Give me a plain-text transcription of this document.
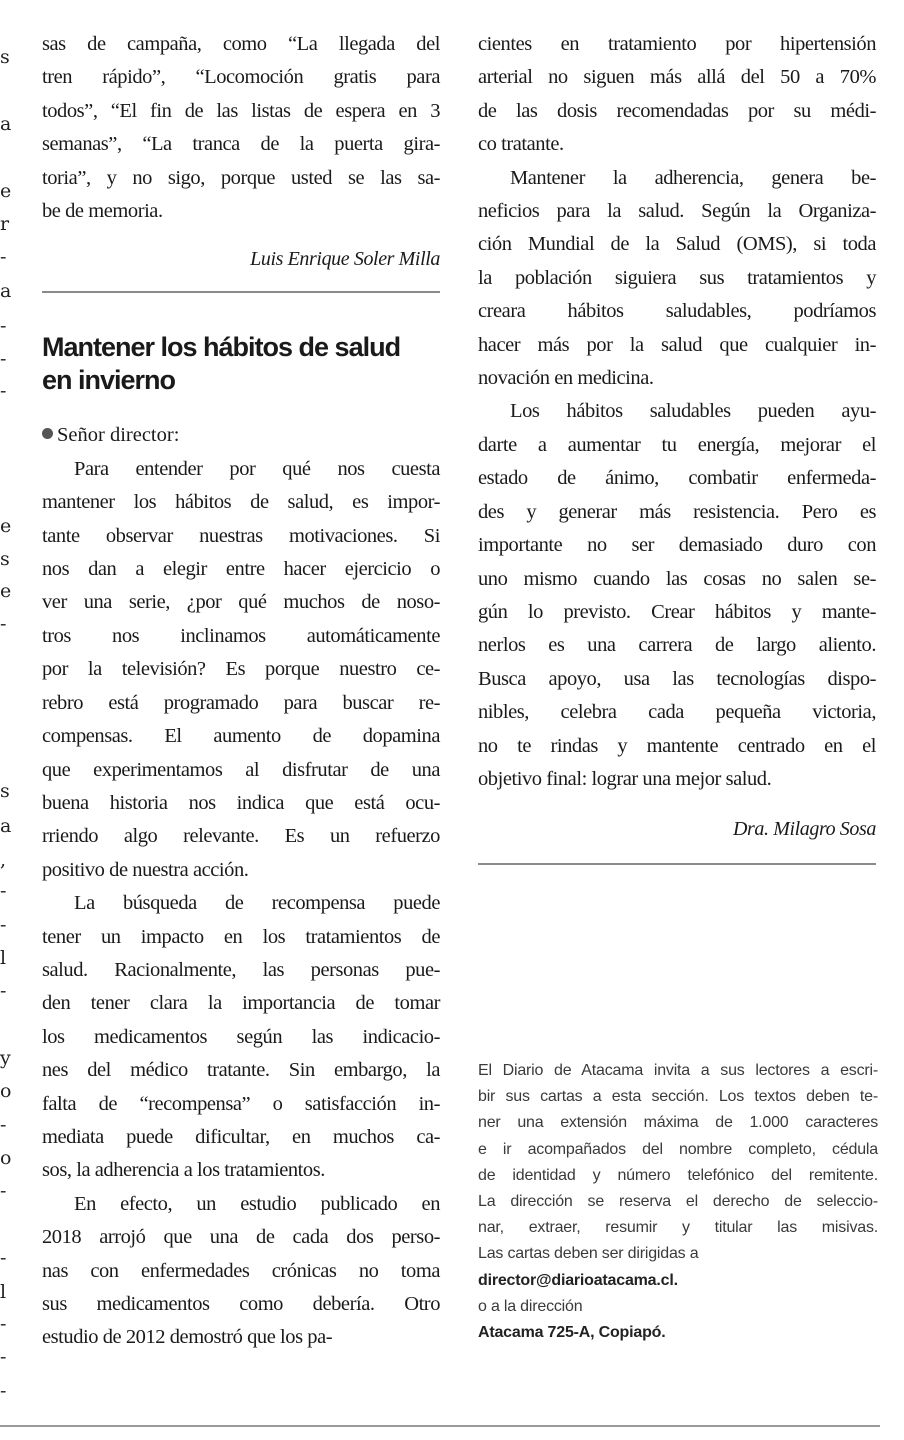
s
a
e
r
-
a
-
-
-
e
s
e
-
s
a
,
-
-
l
-
y
o
-
o
-
-
l
-
-
-
sas de campaña, como “La llegada del
tren rápido”, “Locomoción gratis para
todos”, “El fin de las listas de espera en 3
semanas”, “La tranca de la puerta gira-
toria”, y no sigo, porque usted se las sa-
be de memoria.
Luis Enrique Soler Milla
Mantener los hábitos de salud
en invierno
Señor director:
Para entender por qué nos cuesta
mantener los hábitos de salud, es impor-
tante observar nuestras motivaciones. Si
nos dan a elegir entre hacer ejercicio o
ver una serie, ¿por qué muchos de noso-
tros nos inclinamos automáticamente
por la televisión? Es porque nuestro ce-
rebro está programado para buscar re-
compensas. El aumento de dopamina
que experimentamos al disfrutar de una
buena historia nos indica que está ocu-
rriendo algo relevante. Es un refuerzo
positivo de nuestra acción.
La búsqueda de recompensa puede
tener un impacto en los tratamientos de
salud. Racionalmente, las personas pue-
den tener clara la importancia de tomar
los medicamentos según las indicacio-
nes del médico tratante. Sin embargo, la
falta de “recompensa” o satisfacción in-
mediata puede dificultar, en muchos ca-
sos, la adherencia a los tratamientos.
En efecto, un estudio publicado en
2018 arrojó que una de cada dos perso-
nas con enfermedades crónicas no toma
sus medicamentos como debería. Otro
estudio de 2012 demostró que los pa-
cientes en tratamiento por hipertensión
arterial no siguen más allá del 50 a 70%
de las dosis recomendadas por su médi-
co tratante.
Mantener la adherencia, genera be-
neficios para la salud. Según la Organiza-
ción Mundial de la Salud (OMS), si toda
la población siguiera sus tratamientos y
creara hábitos saludables, podríamos
hacer más por la salud que cualquier in-
novación en medicina.
Los hábitos saludables pueden ayu-
darte a aumentar tu energía, mejorar el
estado de ánimo, combatir enfermeda-
des y generar más resistencia. Pero es
importante no ser demasiado duro con
uno mismo cuando las cosas no salen se-
gún lo previsto. Crear hábitos y mante-
nerlos es una carrera de largo aliento.
Busca apoyo, usa las tecnologías dispo-
nibles, celebra cada pequeña victoria,
no te rindas y mantente centrado en el
objetivo final: lograr una mejor salud.
Dra. Milagro Sosa
El Diario de Atacama invita a sus lectores a escri-
bir sus cartas a esta sección. Los textos deben te-
ner una extensión máxima de 1.000 caracteres
e ir acompañados del nombre completo, cédula
de identidad y número telefónico del remitente.
La dirección se reserva el derecho de seleccio-
nar, extraer, resumir y titular las misivas.
Las cartas deben ser dirigidas a
director@diarioatacama.cl.
o a la dirección
Atacama 725-A, Copiapó.
